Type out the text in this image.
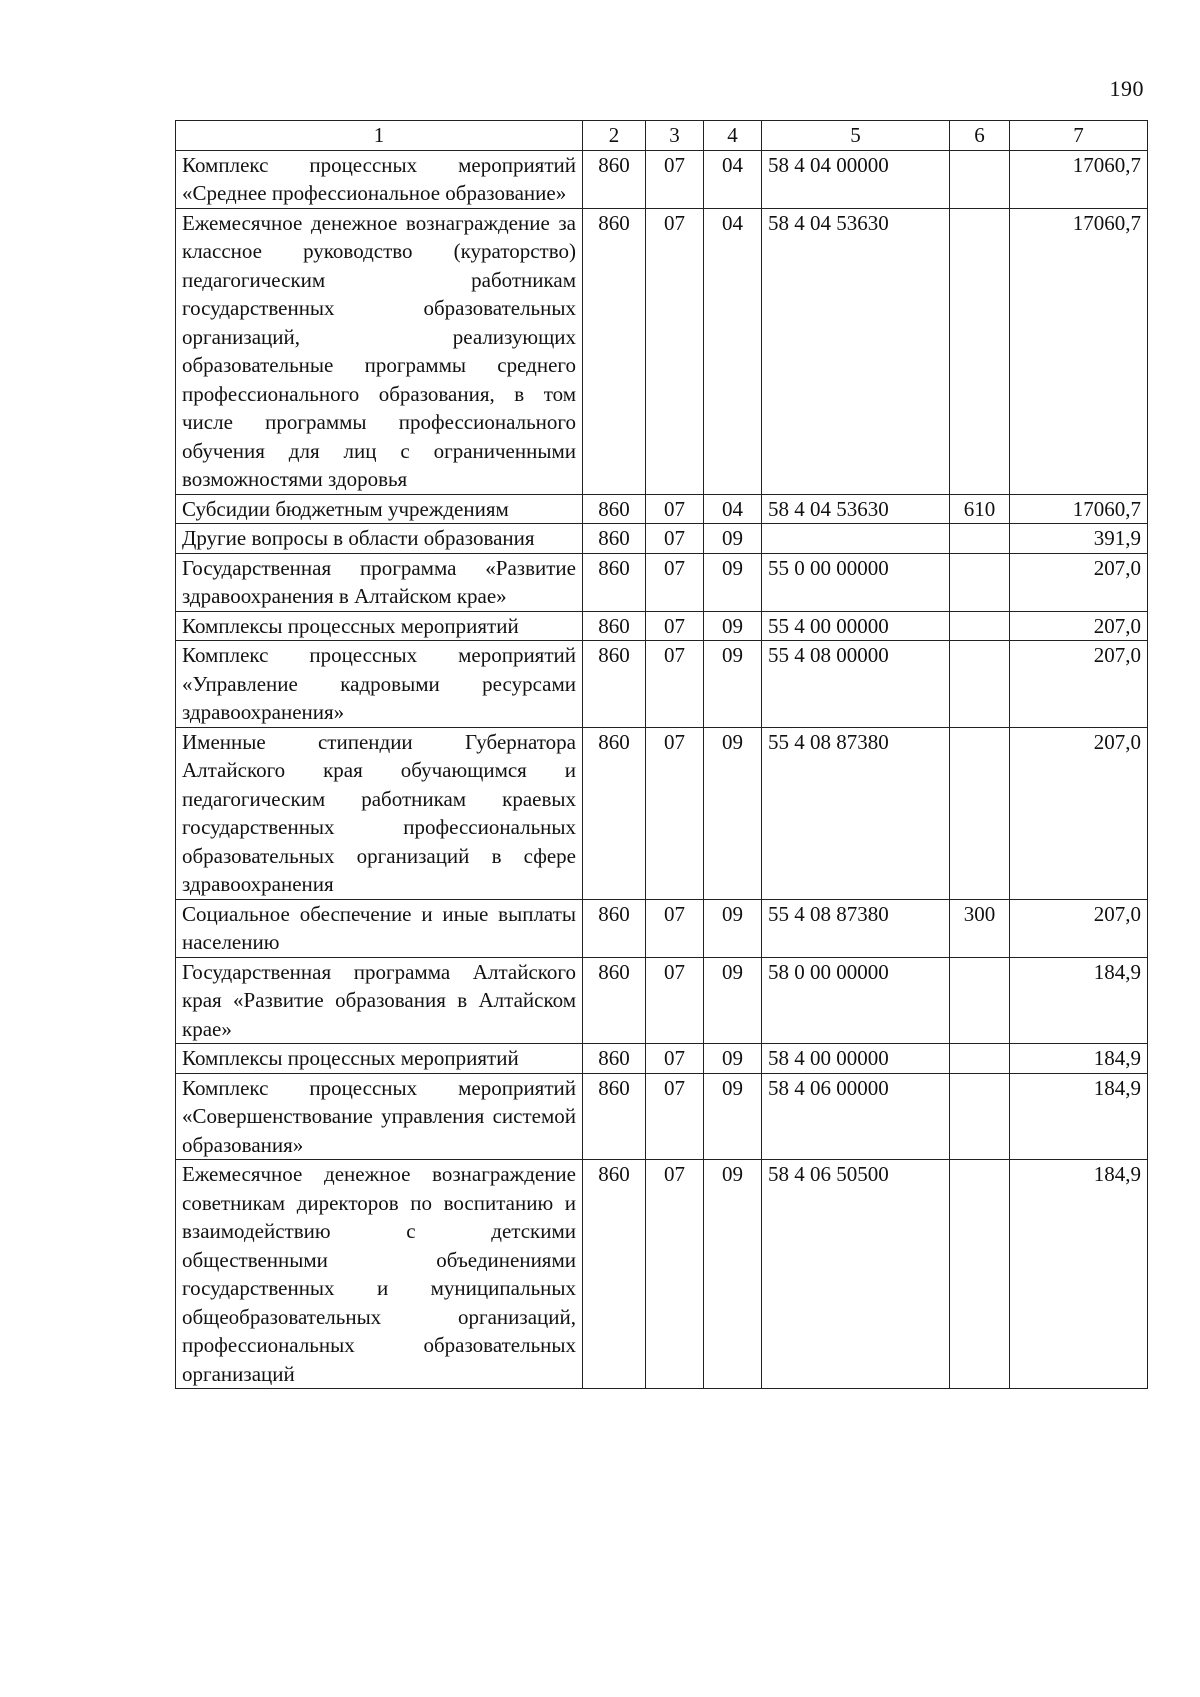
190
1	2	3	4	5	6	7
Комплекс процессных мероприятий «Среднее профессиональное образование»	860	07	04	58 4 04 00000		17060,7
Ежемесячное денежное вознаграждение за классное руководство (кураторство) педагогическим работникам государственных образовательных организаций, реализующих образовательные программы среднего профессионального образования, в том числе программы профессионального обучения для лиц с ограниченными возможностями здоровья	860	07	04	58 4 04 53630		17060,7
Субсидии бюджетным учреждениям	860	07	04	58 4 04 53630	610	17060,7
Другие вопросы в области образования	860	07	09			391,9
Государственная программа «Развитие здравоохранения в Алтайском крае»	860	07	09	55 0 00 00000		207,0
Комплексы процессных мероприятий	860	07	09	55 4 00 00000		207,0
Комплекс процессных мероприятий «Управление кадровыми ресурсами здравоохранения»	860	07	09	55 4 08 00000		207,0
Именные стипендии Губернатора Алтайского края обучающимся и педагогическим работникам краевых государственных профессиональных образовательных организаций в сфере здравоохранения	860	07	09	55 4 08 87380		207,0
Социальное обеспечение и иные выплаты населению	860	07	09	55 4 08 87380	300	207,0
Государственная программа Алтайского края «Развитие образования в Алтайском крае»	860	07	09	58 0 00 00000		184,9
Комплексы процессных мероприятий	860	07	09	58 4 00 00000		184,9
Комплекс процессных мероприятий «Совершенствование управления системой образования»	860	07	09	58 4 06 00000		184,9
Ежемесячное денежное вознаграждение советникам директоров по воспитанию и взаимодействию с детскими общественными объединениями государственных и муниципальных общеобразовательных организаций, профессиональных образовательных организаций	860	07	09	58 4 06 50500		184,9
